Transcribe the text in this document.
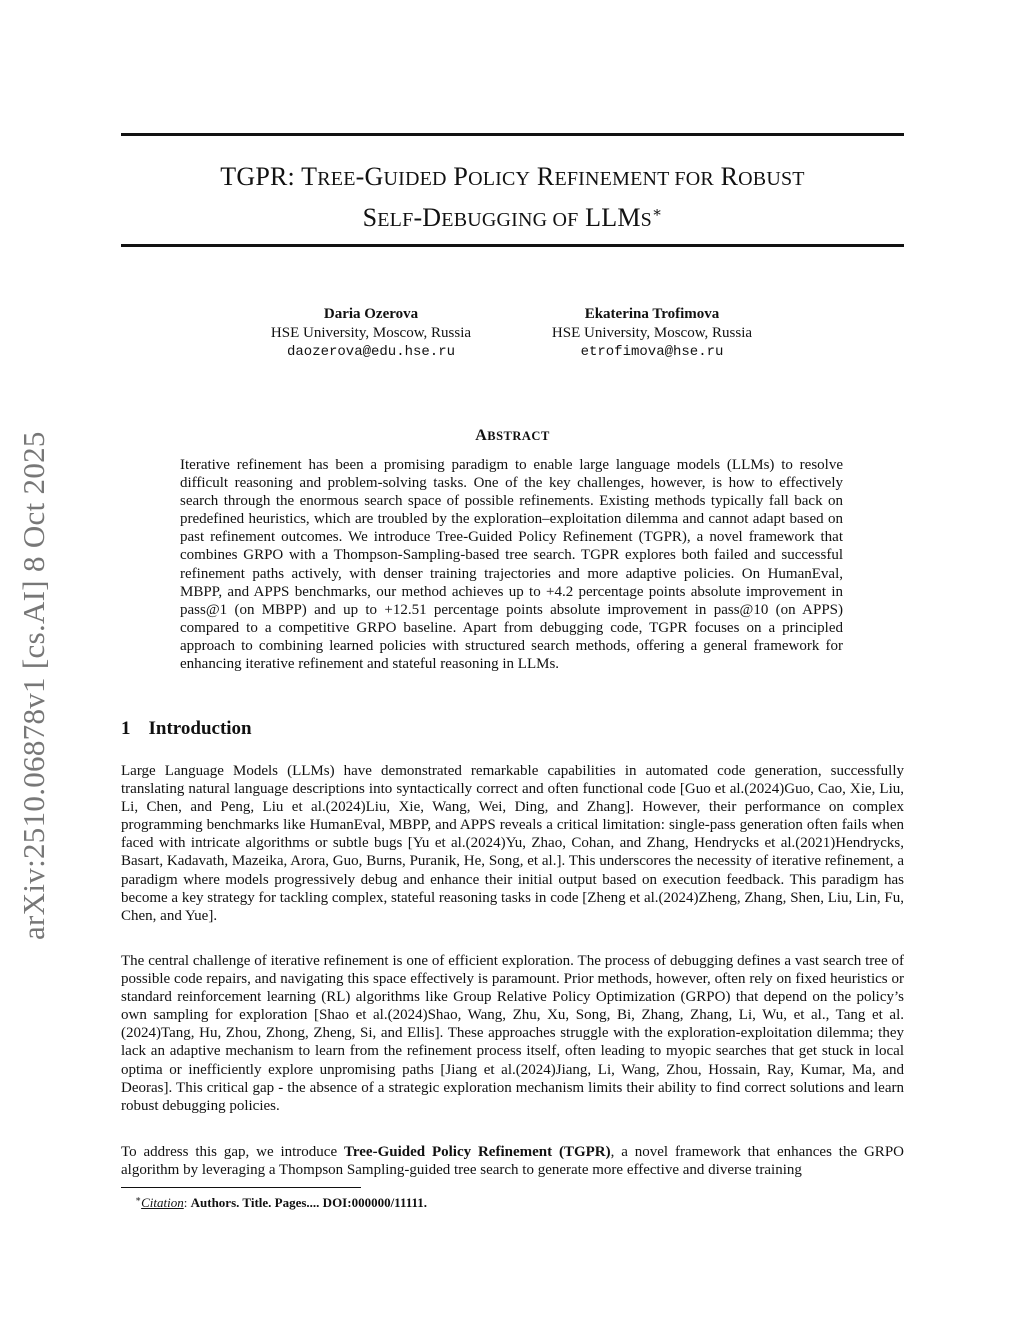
TGPR: TREE-GUIDED POLICY REFINEMENT FOR ROBUST
SELF-DEBUGGING OF LLMS∗
Daria Ozerova
HSE University, Moscow, Russia
daozerova@edu.hse.ru
Ekaterina Trofimova
HSE University, Moscow, Russia
etrofimova@hse.ru
arXiv:2510.06878v1 [cs.AI] 8 Oct 2025	ABSTRACT
Iterative refinement has been a promising paradigm to enable large language models (LLMs) to resolve difficult reasoning and problem-solving tasks. One of the key challenges, however, is how to effectively search through the enormous search space of possible refinements. Existing methods typically fall back on predefined heuristics, which are troubled by the exploration–exploitation dilemma and cannot adapt based on past refinement outcomes. We introduce Tree-Guided Policy Refinement (TGPR), a novel framework that combines GRPO with a Thompson-Sampling-based tree search. TGPR explores both failed and successful refinement paths actively, with denser training trajectories and more adaptive policies. On HumanEval, MBPP, and APPS benchmarks, our method achieves up to +4.2 percentage points absolute improvement in pass@1 (on MBPP) and up to +12.51 percentage points absolute improvement in pass@10 (on APPS) compared to a competitive GRPO baseline. Apart from debugging code, TGPR focuses on a principled approach to combining learned policies with structured search methods, offering a general framework for enhancing iterative refinement and stateful reasoning in LLMs.
1 Introduction

Large Language Models (LLMs) have demonstrated remarkable capabilities in automated code generation, successfully translating natural language descriptions into syntactically correct and often functional code [Guo et al.(2024)Guo, Cao, Xie, Liu, Li, Chen, and Peng, Liu et al.(2024)Liu, Xie, Wang, Wei, Ding, and Zhang]. However, their performance on complex programming benchmarks like HumanEval, MBPP, and APPS reveals a critical limitation: single-pass generation often fails when faced with intricate algorithms or subtle bugs [Yu et al.(2024)Yu, Zhao, Cohan, and Zhang, Hendrycks et al.(2021)Hendrycks, Basart, Kadavath, Mazeika, Arora, Guo, Burns, Puranik, He, Song, et al.]. This underscores the necessity of iterative refinement, a paradigm where models progressively debug and enhance their initial output based on execution feedback. This paradigm has become a key strategy for tackling complex, stateful reasoning tasks in code [Zheng et al.(2024)Zheng, Zhang, Shen, Liu, Lin, Fu, Chen, and Yue].

The central challenge of iterative refinement is one of efficient exploration. The process of debugging defines a vast search tree of possible code repairs, and navigating this space effectively is paramount. Prior methods, however, often rely on fixed heuristics or standard reinforcement learning (RL) algorithms like Group Relative Policy Optimization (GRPO) that depend on the policy’s own sampling for exploration [Shao et al.(2024)Shao, Wang, Zhu, Xu, Song, Bi, Zhang, Zhang, Li, Wu, et al., Tang et al.(2024)Tang, Hu, Zhou, Zhong, Zheng, Si, and Ellis]. These approaches struggle with the exploration-exploitation dilemma; they lack an adaptive mechanism to learn from the refinement process itself, often leading to myopic searches that get stuck in local optima or inefficiently explore unpromising paths [Jiang et al.(2024)Jiang, Li, Wang, Zhou, Hossain, Ray, Kumar, Ma, and Deoras]. This critical gap - the absence of a strategic exploration mechanism limits their ability to find correct solutions and learn robust debugging policies.

To address this gap, we introduce Tree-Guided Policy Refinement (TGPR), a novel framework that enhances the GRPO algorithm by leveraging a Thompson Sampling-guided tree search to generate more effective and diverse training

∗Citation: Authors. Title. Pages.... DOI:000000/11111.
